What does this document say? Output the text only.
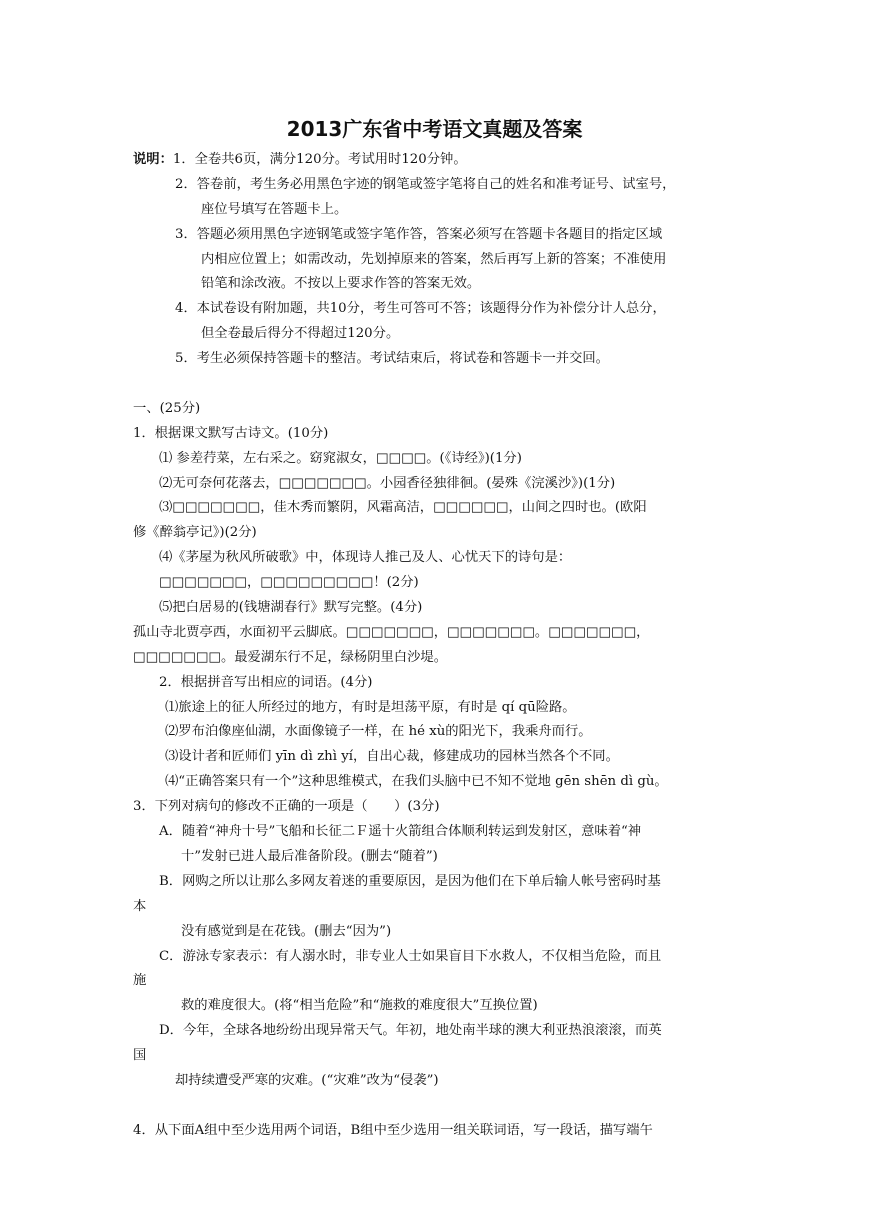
2013广东省中考语文真题及答案
说明：1．全卷共6页，满分120分。考试用时120分钟。
2．答卷前，考生务必用黑色字迹的钢笔或签字笔将自己的姓名和准考证号、试室号，
座位号填写在答题卡上。
3．答题必须用黑色字迹钢笔或签字笔作答，答案必须写在答题卡各题目的指定区域
内相应位置上；如需改动，先划掉原来的答案，然后再写上新的答案；不准使用
铅笔和涂改液。不按以上要求作答的答案无效。
4．本试卷设有附加题，共10分，考生可答可不答；该题得分作为补偿分计人总分，
但全卷最后得分不得超过120分。
5．考生必须保持答题卡的整洁。考试结束后，将试卷和答题卡一并交回。
一、(25分)
1．根据课文默写古诗文。(10分)
⑴ 参差荇菜，左右采之。窈窕淑女，□□□□。(《诗经》)(1分)
⑵无可奈何花落去，□□□□□□□。小园香径独徘徊。(晏殊《浣溪沙》)(1分)
⑶□□□□□□□，佳木秀而繁阴，风霜高洁，□□□□□□，山间之四时也。(欧阳
修《醉翁亭记》)(2分)
⑷《茅屋为秋风所破歌》中，体现诗人推己及人、心忧天下的诗句是：
□□□□□□□，□□□□□□□□□！(2分)
⑸把白居易的(钱塘湖春行》默写完整。(4分)
孤山寺北贾亭西，水面初平云脚底。□□□□□□□，□□□□□□□。□□□□□□□，
□□□□□□□。最爱湖东行不足，绿杨阴里白沙堤。
2．根据拼音写出相应的词语。(4分)
⑴旅途上的征人所经过的地方，有时是坦荡平原，有时是 qí qū险路。
⑵罗布泊像座仙湖，水面像镜子一样，在 hé xù的阳光下，我乘舟而行。
⑶设计者和匠师们 yīn dì zhì yí，自出心裁，修建成功的园林当然各个不同。
⑷“正确答案只有一个”这种思维模式，在我们头脑中已不知不觉地 gēn shēn dì gù。
3．下列对病句的修改不正确的一项是（　　）(3分)
A．随着“神舟十号”飞船和长征二Ｆ遥十火箭组合体顺利转运到发射区，意味着“神
十”发射已进人最后准备阶段。(删去“随着”)
B．网购之所以让那么多网友着迷的重要原因，是因为他们在下单后输人帐号密码时基
本
没有感觉到是在花钱。(删去“因为”)
C．游泳专家表示：有人溺水时，非专业人士如果盲目下水救人，不仅相当危险，而且
施
救的难度很大。(将“相当危险”和“施救的难度很大”互换位置)
D．今年，全球各地纷纷出现异常天气。年初，地处南半球的澳大利亚热浪滚滚，而英
国
却持续遭受严寒的灾难。(“灾难”改为“侵袭”)
4．从下面A组中至少选用两个词语，B组中至少选用一组关联词语，写一段话，描写端午
